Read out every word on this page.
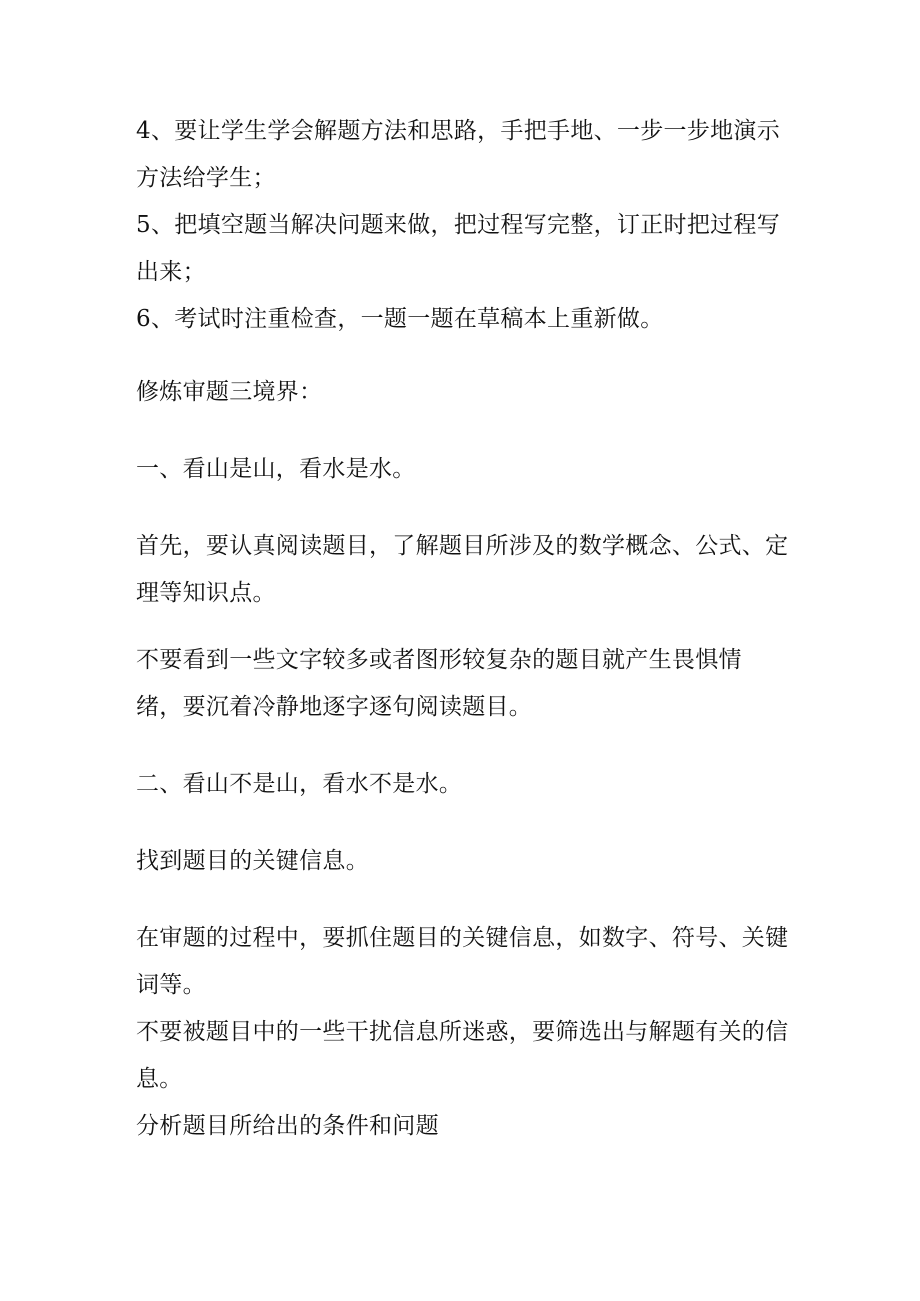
4、要让学生学会解题方法和思路，手把手地、一步一步地演示
方法给学生；
5、把填空题当解决问题来做，把过程写完整，订正时把过程写
出来；
6、考试时注重检查，一题一题在草稿本上重新做。
修炼审题三境界：
一、看山是山，看水是水。
首先，要认真阅读题目，了解题目所涉及的数学概念、公式、定
理等知识点。
不要看到一些文字较多或者图形较复杂的题目就产生畏惧情
绪，要沉着冷静地逐字逐句阅读题目。
二、看山不是山，看水不是水。
找到题目的关键信息。
在审题的过程中，要抓住题目的关键信息，如数字、符号、关键
词等。
不要被题目中的一些干扰信息所迷惑，要筛选出与解题有关的信
息。
分析题目所给出的条件和问题
